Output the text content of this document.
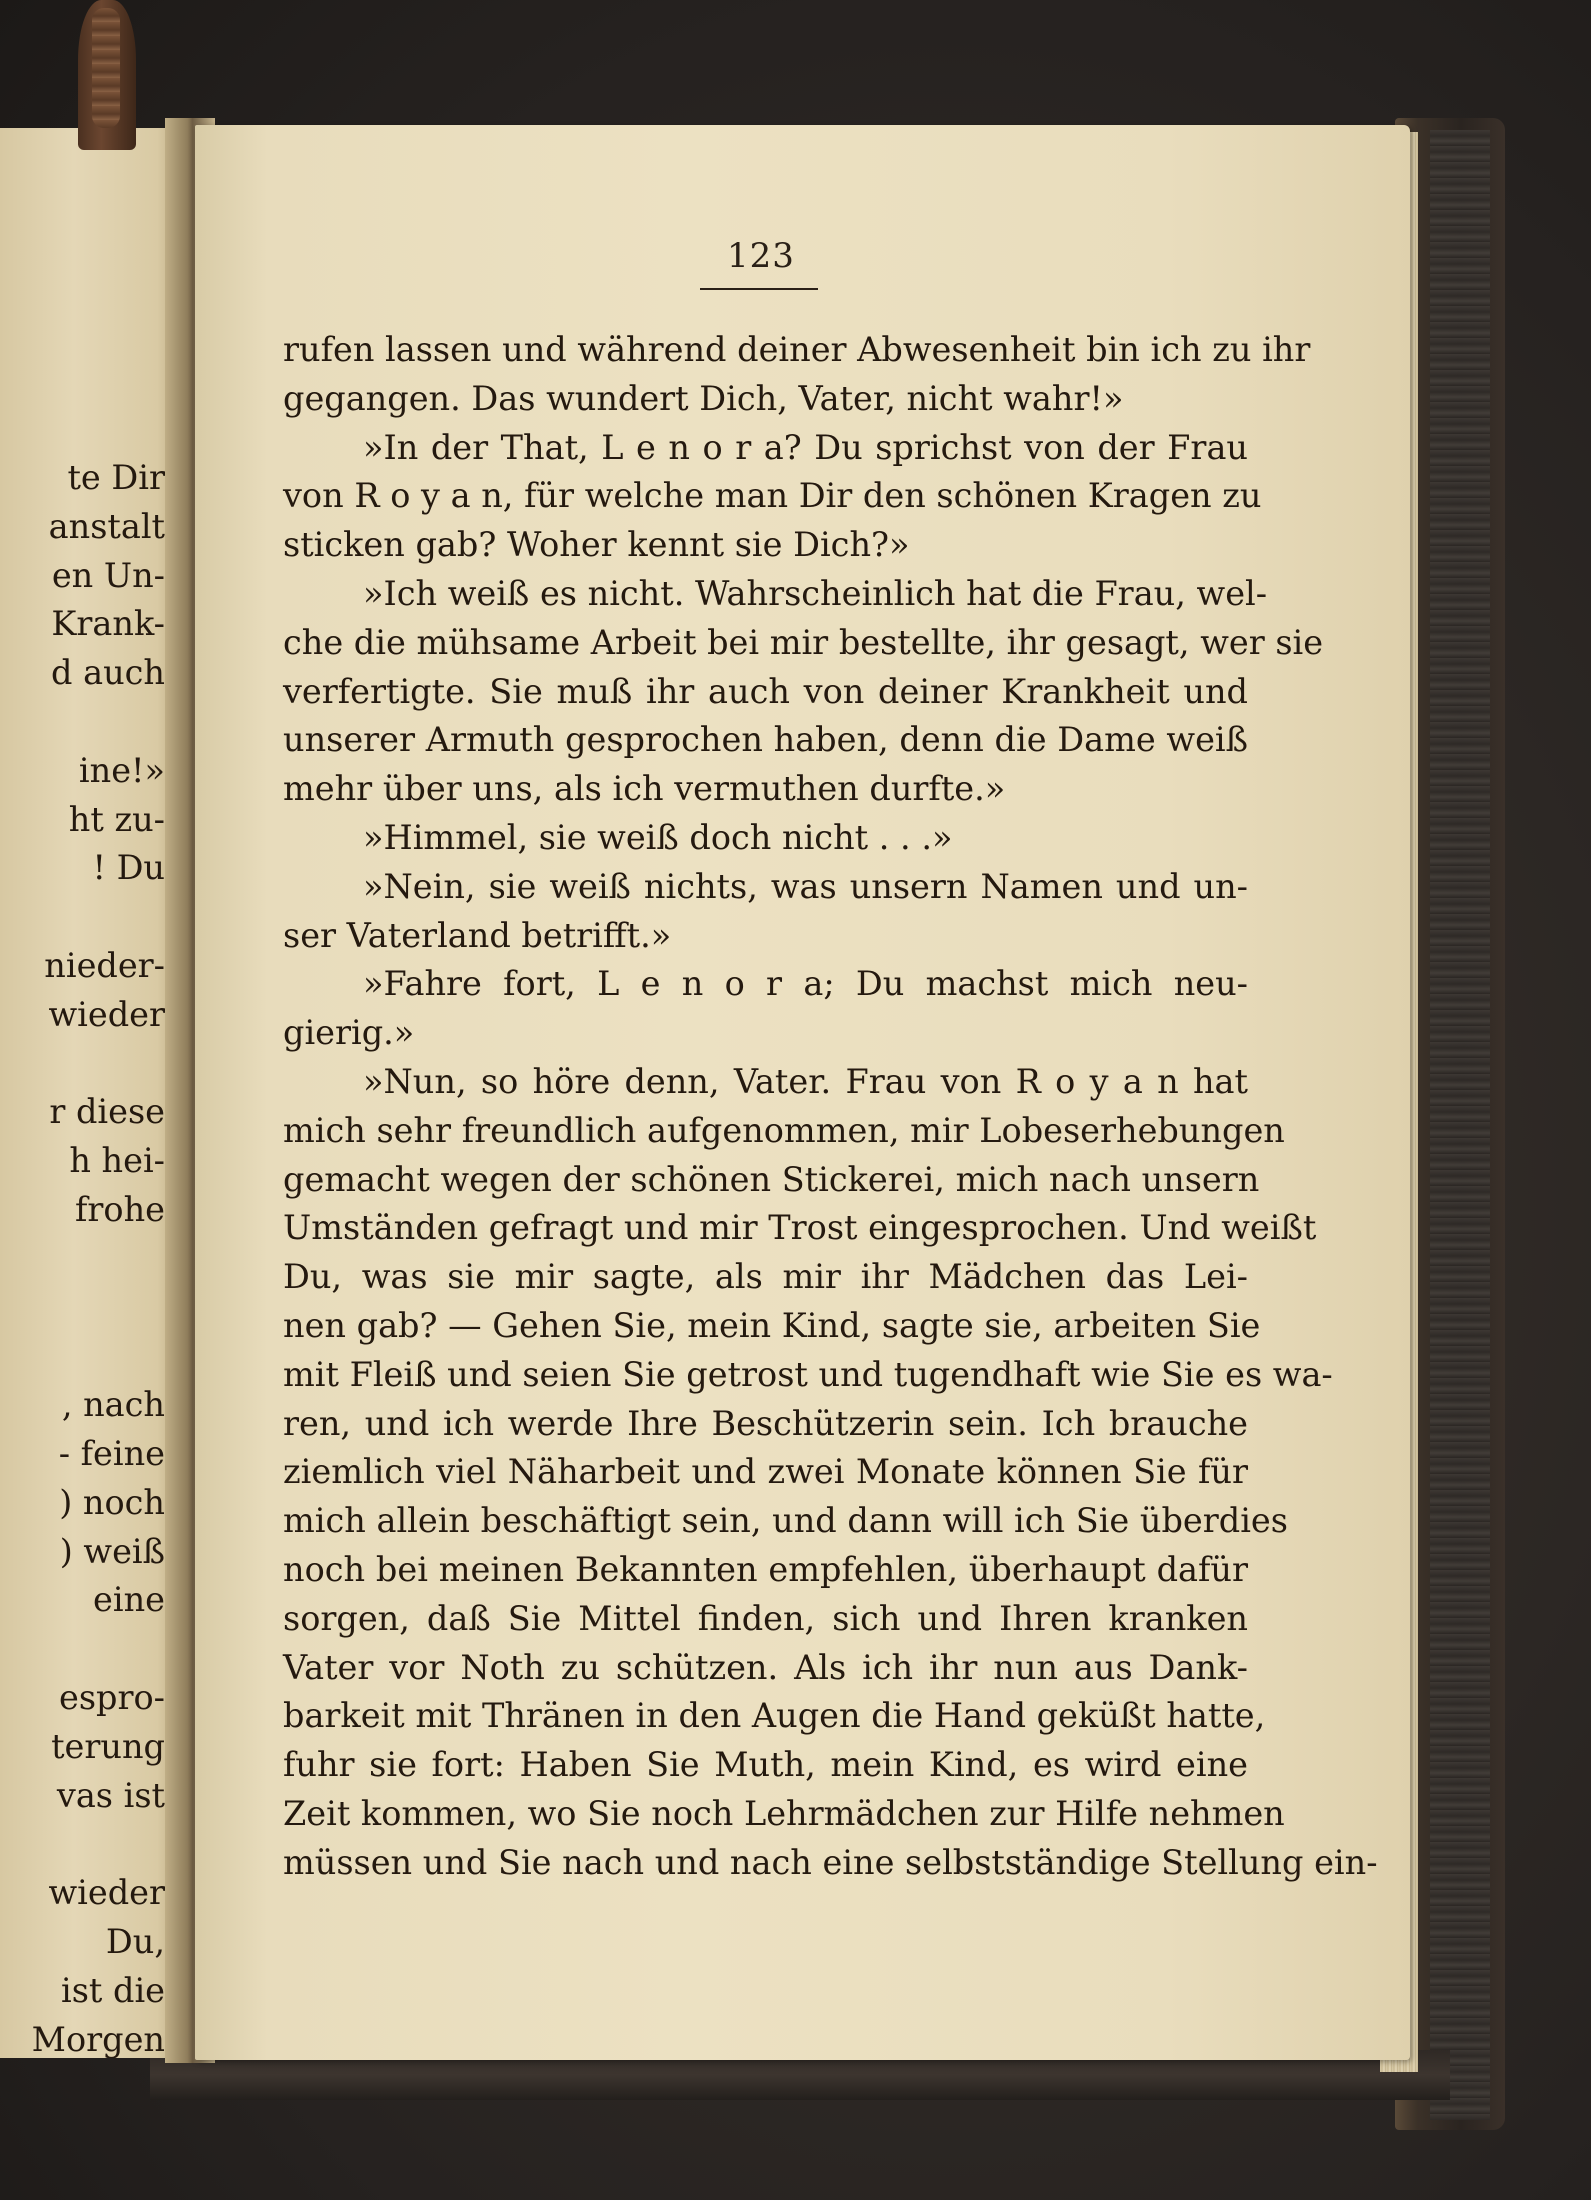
te Dir
anstalt
en Un-
Krank-
d auch
ine!»
ht zu-
! Du
nieder-
wieder
r diese
h hei-
frohe
, nach
- feine
) noch
) weiß
eine
espro-
terung
vas ist
wieder
Du,
ist die
Morgen
123
rufen lassen und während deiner Abwesenheit bin ich zu ihr
gegangen. Das wundert Dich, Vater, nicht wahr!»
»In der That, L e n o r a? Du sprichst von der Frau
von R o y a n, für welche man Dir den schönen Kragen zu
sticken gab? Woher kennt sie Dich?»
»Ich weiß es nicht. Wahrscheinlich hat die Frau, wel-
che die mühsame Arbeit bei mir bestellte, ihr gesagt, wer sie
verfertigte. Sie muß ihr auch von deiner Krankheit und
unserer Armuth gesprochen haben, denn die Dame weiß
mehr über uns, als ich vermuthen durfte.»
»Himmel, sie weiß doch nicht . . .»
»Nein, sie weiß nichts, was unsern Namen und un-
ser Vaterland betrifft.»
»Fahre fort, L e n o r a; Du machst mich neu-
gierig.»
»Nun, so höre denn, Vater. Frau von R o y a n hat
mich sehr freundlich aufgenommen, mir Lobeserhebungen
gemacht wegen der schönen Stickerei, mich nach unsern
Umständen gefragt und mir Trost eingesprochen. Und weißt
Du, was sie mir sagte, als mir ihr Mädchen das Lei-
nen gab? — Gehen Sie, mein Kind, sagte sie, arbeiten Sie
mit Fleiß und seien Sie getrost und tugendhaft wie Sie es wa-
ren, und ich werde Ihre Beschützerin sein. Ich brauche
ziemlich viel Näharbeit und zwei Monate können Sie für
mich allein beschäftigt sein, und dann will ich Sie überdies
noch bei meinen Bekannten empfehlen, überhaupt dafür
sorgen, daß Sie Mittel finden, sich und Ihren kranken
Vater vor Noth zu schützen. Als ich ihr nun aus Dank-
barkeit mit Thränen in den Augen die Hand geküßt hatte,
fuhr sie fort: Haben Sie Muth, mein Kind, es wird eine
Zeit kommen, wo Sie noch Lehrmädchen zur Hilfe nehmen
müssen und Sie nach und nach eine selbstständige Stellung ein-
